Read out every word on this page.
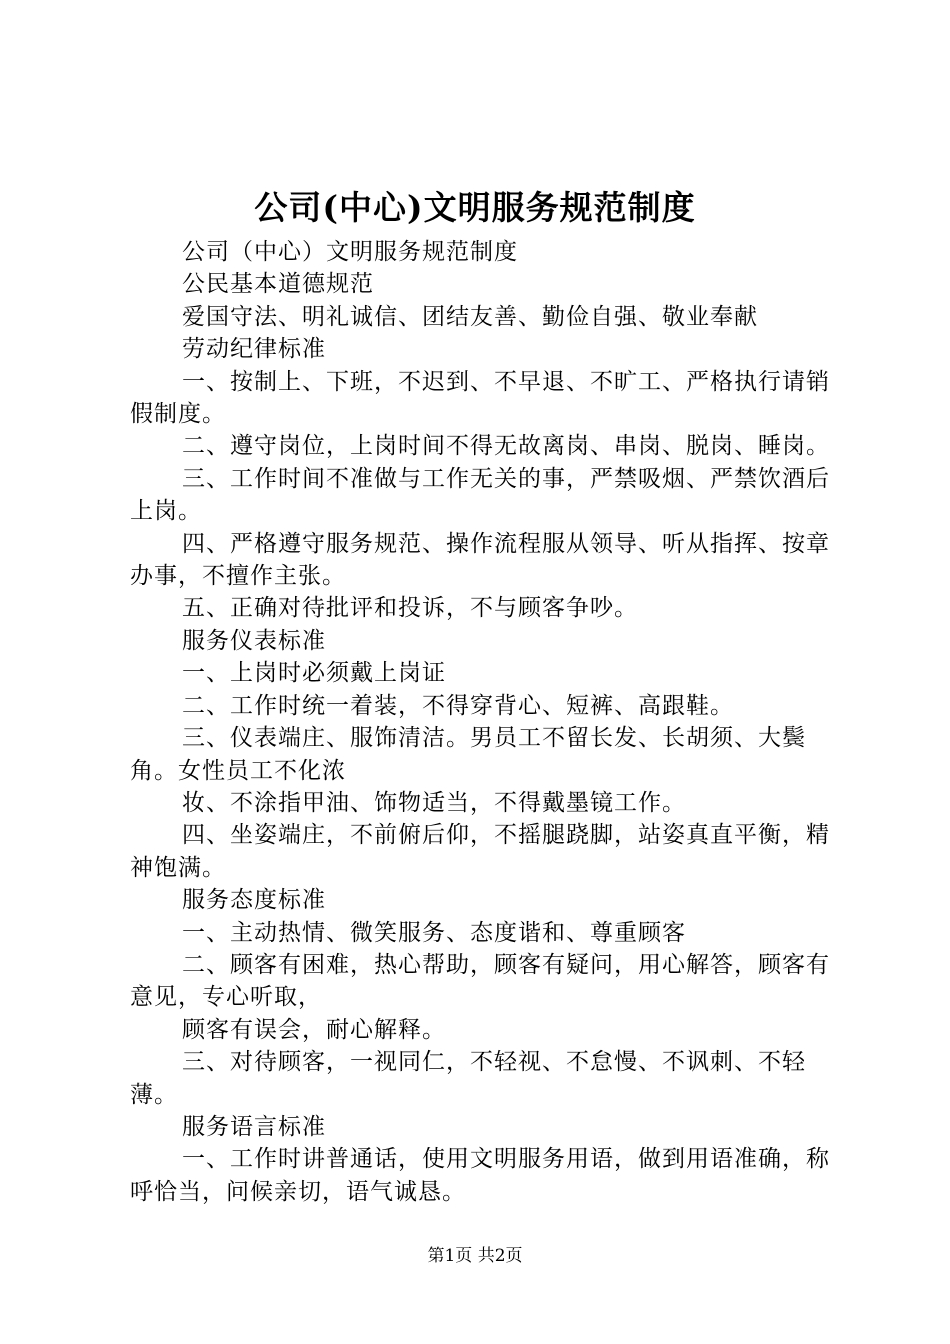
公司(中心)文明服务规范制度

公司（中心）文明服务规范制度

公民基本道德规范

爱国守法、明礼诚信、团结友善、勤俭自强、敬业奉献

劳动纪律标准

一、按制上、下班，不迟到、不早退、不旷工、严格执行请销假制度。

二、遵守岗位，上岗时间不得无故离岗、串岗、脱岗、睡岗。

三、工作时间不准做与工作无关的事，严禁吸烟、严禁饮酒后上岗。

四、严格遵守服务规范、操作流程服从领导、听从指挥、按章办事，不擅作主张。

五、正确对待批评和投诉，不与顾客争吵。

服务仪表标准

一、上岗时必须戴上岗证

二、工作时统一着装，不得穿背心、短裤、高跟鞋。

三、仪表端庄、服饰清洁。男员工不留长发、长胡须、大鬓角。女性员工不化浓

妆、不涂指甲油、饰物适当，不得戴墨镜工作。

四、坐姿端庄，不前俯后仰，不摇腿跷脚，站姿真直平衡，精神饱满。

服务态度标准

一、主动热情、微笑服务、态度谐和、尊重顾客

二、顾客有困难，热心帮助，顾客有疑问，用心解答，顾客有意见，专心听取，

顾客有误会，耐心解释。

三、对待顾客，一视同仁，不轻视、不怠慢、不讽刺、不轻薄。

服务语言标准

一、工作时讲普通话，使用文明服务用语，做到用语准确，称呼恰当，问候亲切，语气诚恳。

第1页 共2页
